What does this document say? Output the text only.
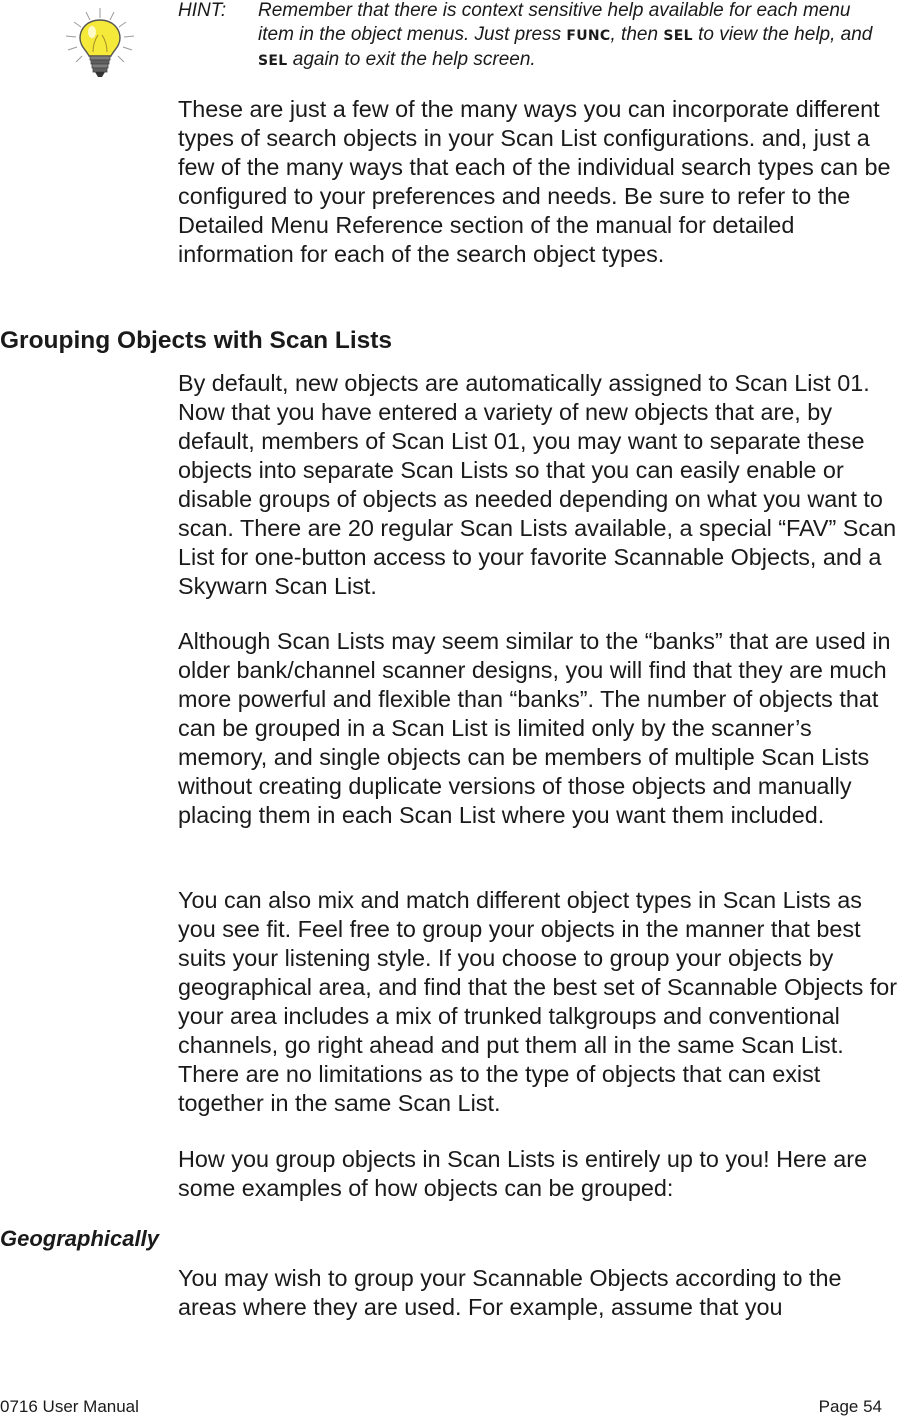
HINT: Remember that there is context sensitive help available for each menu item in the object menus. Just press FUNC, then SEL to view the help, and SEL again to exit the help screen.

These are just a few of the many ways you can incorporate different types of search objects in your Scan List configurations. and, just a few of the many ways that each of the individual search types can be configured to your preferences and needs. Be sure to refer to the Detailed Menu Reference section of the manual for detailed information for each of the search object types.

Grouping Objects with Scan Lists

By default, new objects are automatically assigned to Scan List 01. Now that you have entered a variety of new objects that are, by default, members of Scan List 01, you may want to separate these objects into separate Scan Lists so that you can easily enable or disable groups of objects as needed depending on what you want to scan. There are 20 regular Scan Lists available, a special “FAV” Scan List for one-button access to your favorite Scannable Objects, and a Skywarn Scan List.

Although Scan Lists may seem similar to the “banks” that are used in older bank/channel scanner designs, you will find that they are much more powerful and flexible than “banks”. The number of objects that can be grouped in a Scan List is limited only by the scanner’s memory, and single objects can be members of multiple Scan Lists without creating duplicate versions of those objects and manually placing them in each Scan List where you want them included.

You can also mix and match different object types in Scan Lists as you see fit. Feel free to group your objects in the manner that best suits your listening style. If you choose to group your objects by geographical area, and find that the best set of Scannable Objects for your area includes a mix of trunked talkgroups and conventional channels, go right ahead and put them all in the same Scan List. There are no limitations as to the type of objects that can exist together in the same Scan List.

How you group objects in Scan Lists is entirely up to you! Here are some examples of how objects can be grouped:

Geographically

You may wish to group your Scannable Objects according to the areas where they are used. For example, assume that you

0716 User Manual	Page 54
